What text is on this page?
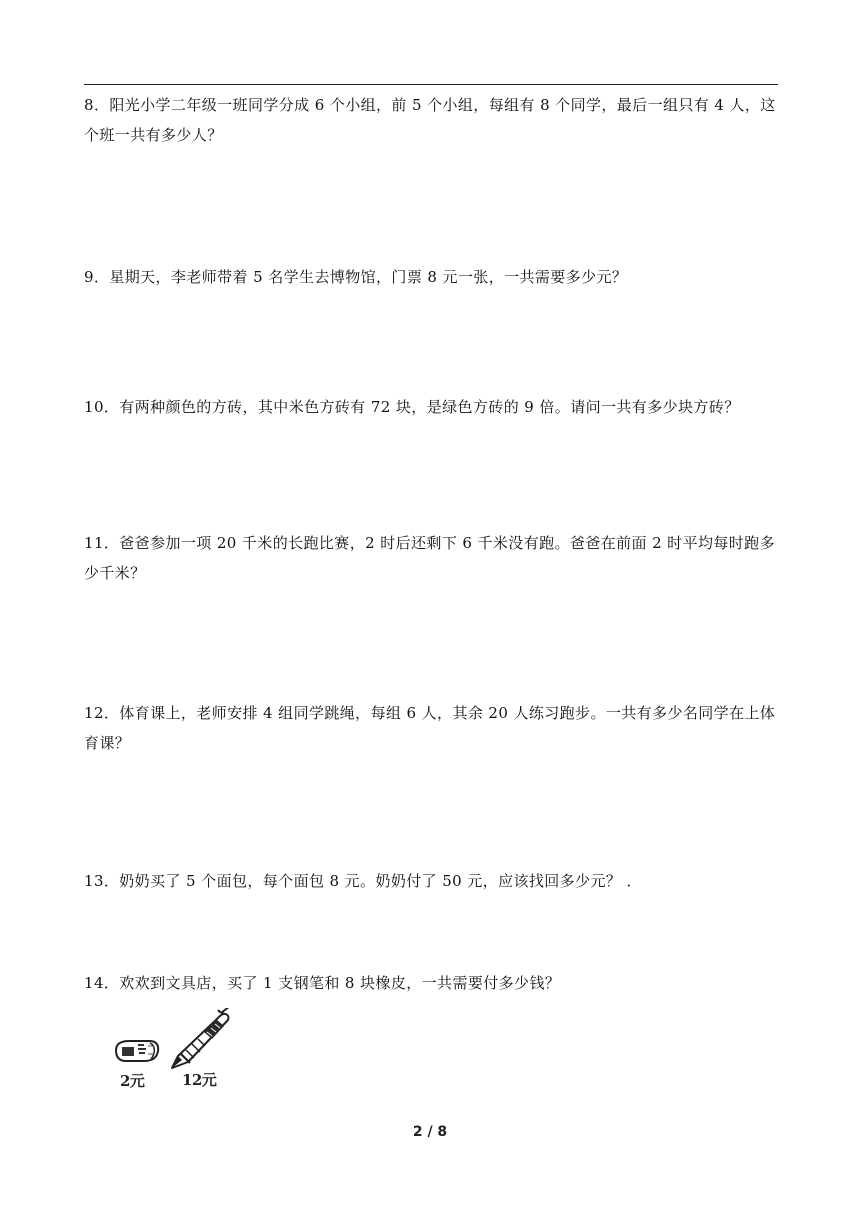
8．阳光小学二年级一班同学分成 6 个小组，前 5 个小组，每组有 8 个同学，最后一组只有 4 人，这个班一共有多少人？

9．星期天，李老师带着 5 名学生去博物馆，门票 8 元一张，一共需要多少元？

10．有两种颜色的方砖，其中米色方砖有 72 块，是绿色方砖的 9 倍。请问一共有多少块方砖？

11．爸爸参加一项 20 千米的长跑比赛，2 时后还剩下 6 千米没有跑。爸爸在前面 2 时平均每时跑多少千米？

12．体育课上，老师安排 4 组同学跳绳，每组 6 人，其余 20 人练习跑步。一共有多少名同学在上体育课？

13．奶奶买了 5 个面包，每个面包 8 元。奶奶付了 50 元，应该找回多少元？ ．

14．欢欢到文具店，买了 1 支钢笔和 8 块橡皮，一共需要付多少钱？

2元	12元
2 / 8
